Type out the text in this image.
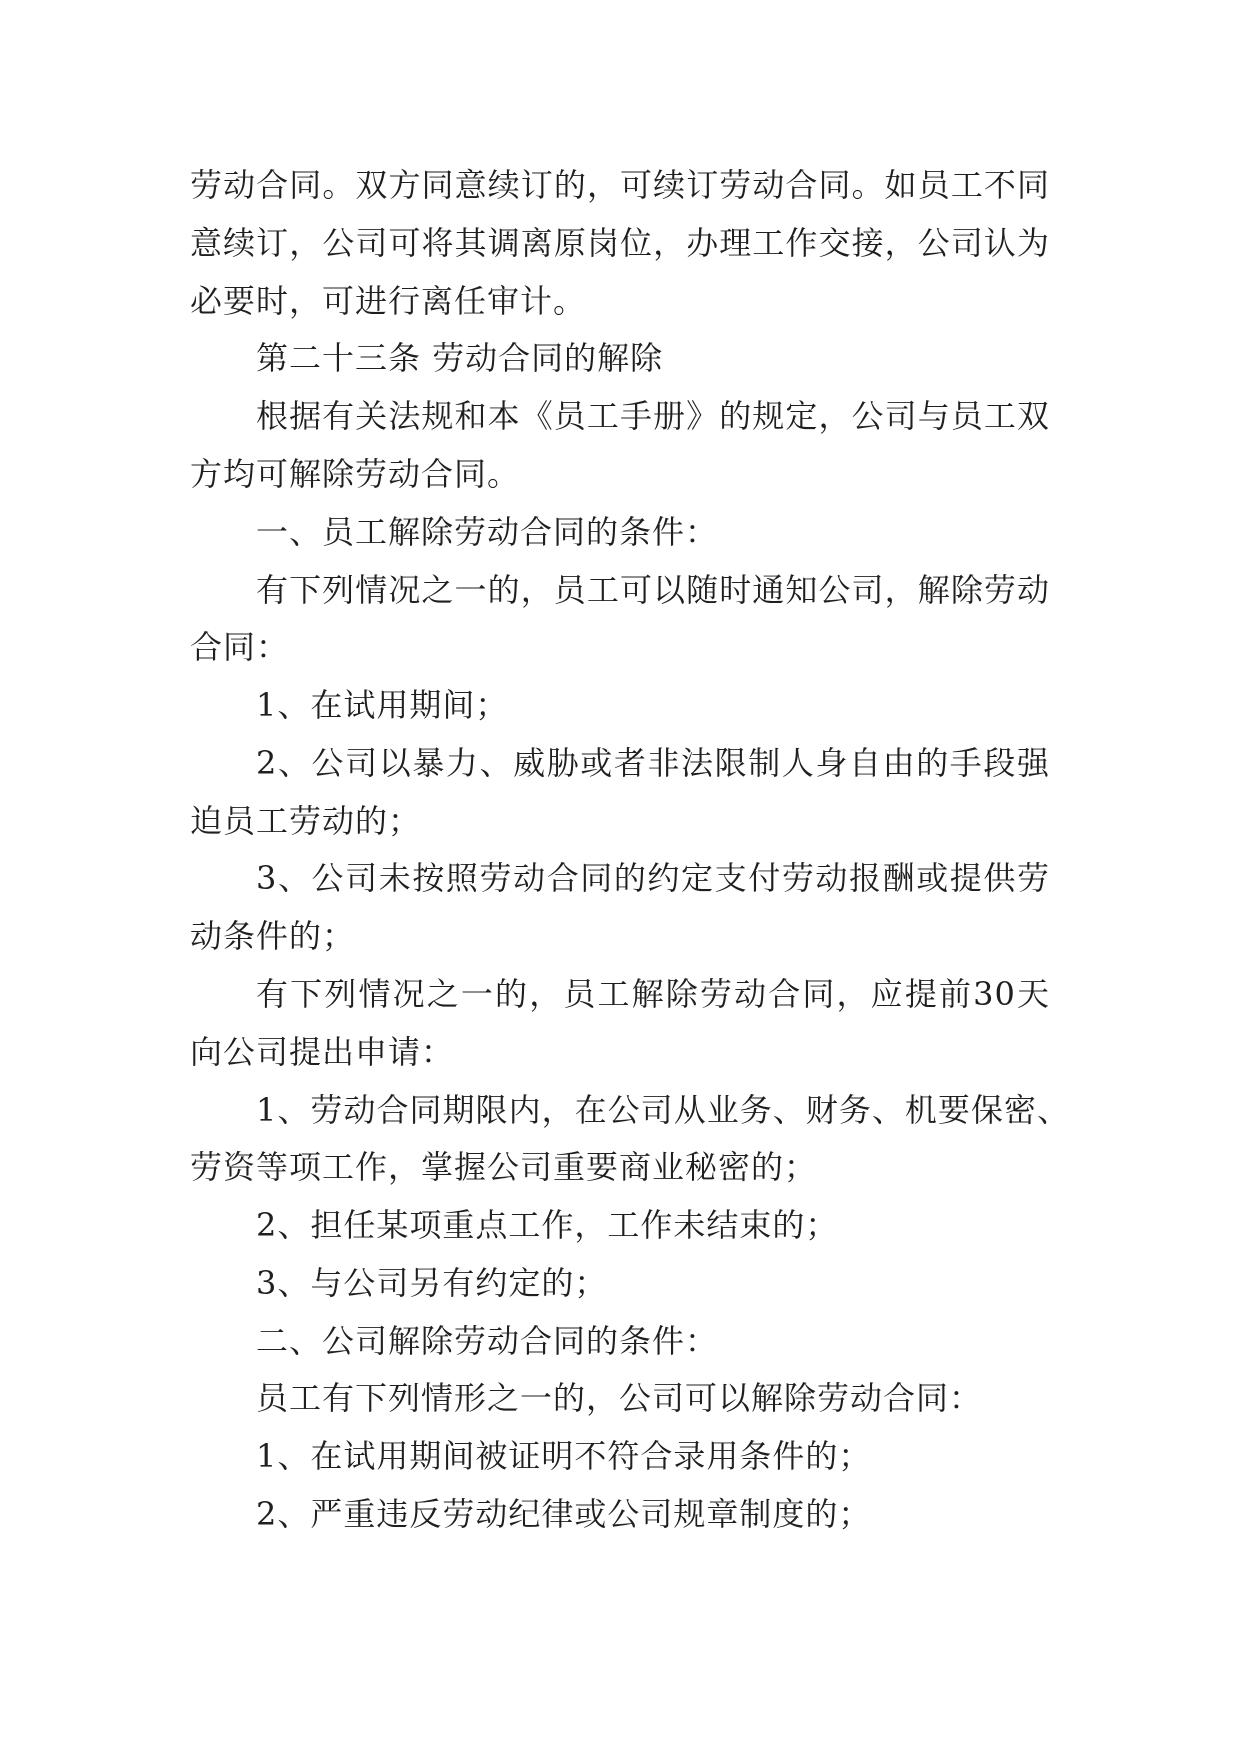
劳动合同。双方同意续订的，可续订劳动合同。如员工不同
意续订，公司可将其调离原岗位，办理工作交接，公司认为
必要时，可进行离任审计。
第二十三条 劳动合同的解除
根据有关法规和本《员工手册》的规定，公司与员工双
方均可解除劳动合同。
一、员工解除劳动合同的条件：
有下列情况之一的，员工可以随时通知公司，解除劳动
合同：
1、在试用期间；
2、公司以暴力、威胁或者非法限制人身自由的手段强
迫员工劳动的；
3、公司未按照劳动合同的约定支付劳动报酬或提供劳
动条件的；
有下列情况之一的，员工解除劳动合同，应提前30天
向公司提出申请：
1、劳动合同期限内，在公司从业务、财务、机要保密、
劳资等项工作，掌握公司重要商业秘密的；
2、担任某项重点工作，工作未结束的；
3、与公司另有约定的；
二、公司解除劳动合同的条件：
员工有下列情形之一的，公司可以解除劳动合同：
1、在试用期间被证明不符合录用条件的；
2、严重违反劳动纪律或公司规章制度的；
